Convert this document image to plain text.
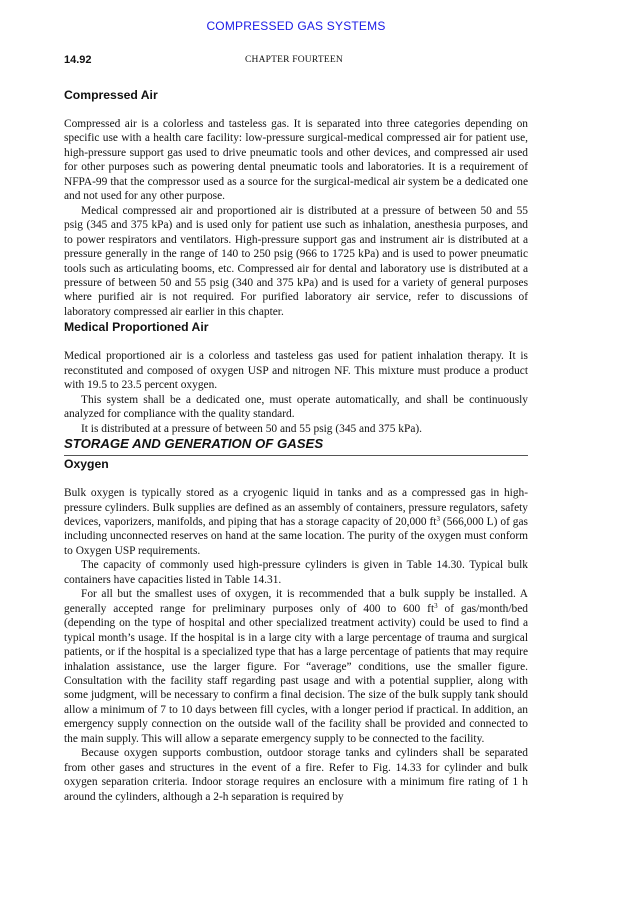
COMPRESSED GAS SYSTEMS
14.92	CHAPTER FOURTEEN
Compressed Air

Compressed air is a colorless and tasteless gas. It is separated into three categories depending on specific use with a health care facility: low-pressure surgical-medical compressed air for patient use, high-pressure support gas used to drive pneumatic tools and other devices, and compressed air used for other purposes such as powering dental pneumatic tools and laboratories. It is a requirement of NFPA-99 that the compressor used as a source for the surgical-medical air system be a dedicated one and not used for any other purpose.

Medical compressed air and proportioned air is distributed at a pressure of between 50 and 55 psig (345 and 375 kPa) and is used only for patient use such as inhalation, anesthesia purposes, and to power respirators and ventilators. High-pressure support gas and instrument air is distributed at a pressure generally in the range of 140 to 250 psig (966 to 1725 kPa) and is used to power pneumatic tools such as articulating booms, etc. Compressed air for dental and laboratory use is distributed at a pressure of between 50 and 55 psig (340 and 375 kPa) and is used for a variety of general purposes where purified air is not required. For purified laboratory air service, refer to discussions of laboratory compressed air earlier in this chapter.

Medical Proportioned Air

Medical proportioned air is a colorless and tasteless gas used for patient inhalation therapy. It is reconstituted and composed of oxygen USP and nitrogen NF. This mixture must produce a product with 19.5 to 23.5 percent oxygen.

This system shall be a dedicated one, must operate automatically, and shall be continuously analyzed for compliance with the quality standard.

It is distributed at a pressure of between 50 and 55 psig (345 and 375 kPa).

STORAGE AND GENERATION OF GASES
Oxygen

Bulk oxygen is typically stored as a cryogenic liquid in tanks and as a compressed gas in high-pressure cylinders. Bulk supplies are defined as an assembly of containers, pressure regulators, safety devices, vaporizers, manifolds, and piping that has a storage capacity of 20,000 $ft^3$ (566,000 L) of gas including unconnected reserves on hand at the same location. The purity of the oxygen must conform to Oxygen USP requirements.

The capacity of commonly used high-pressure cylinders is given in Table 14.30. Typical bulk containers have capacities listed in Table 14.31.

For all but the smallest uses of oxygen, it is recommended that a bulk supply be installed. A generally accepted range for preliminary purposes only of 400 to 600 $ft^3$ of gas/month/bed (depending on the type of hospital and other specialized treatment activity) could be used to find a typical month’s usage. If the hospital is in a large city with a large percentage of trauma and surgical patients, or if the hospital is a specialized type that has a large percentage of patients that may require inhalation assistance, use the larger figure. For “average” conditions, use the smaller figure. Consultation with the facility staff regarding past usage and with a potential supplier, along with some judgment, will be necessary to confirm a final decision. The size of the bulk supply tank should allow a minimum of 7 to 10 days between fill cycles, with a longer period if practical. In addition, an emergency supply connection on the outside wall of the facility shall be provided and connected to the main supply. This will allow a separate emergency supply to be connected to the facility.

Because oxygen supports combustion, outdoor storage tanks and cylinders shall be separated from other gases and structures in the event of a fire. Refer to Fig. 14.33 for cylinder and bulk oxygen separation criteria. Indoor storage requires an enclosure with a minimum fire rating of 1 h around the cylinders, although a 2-h separation is required by
